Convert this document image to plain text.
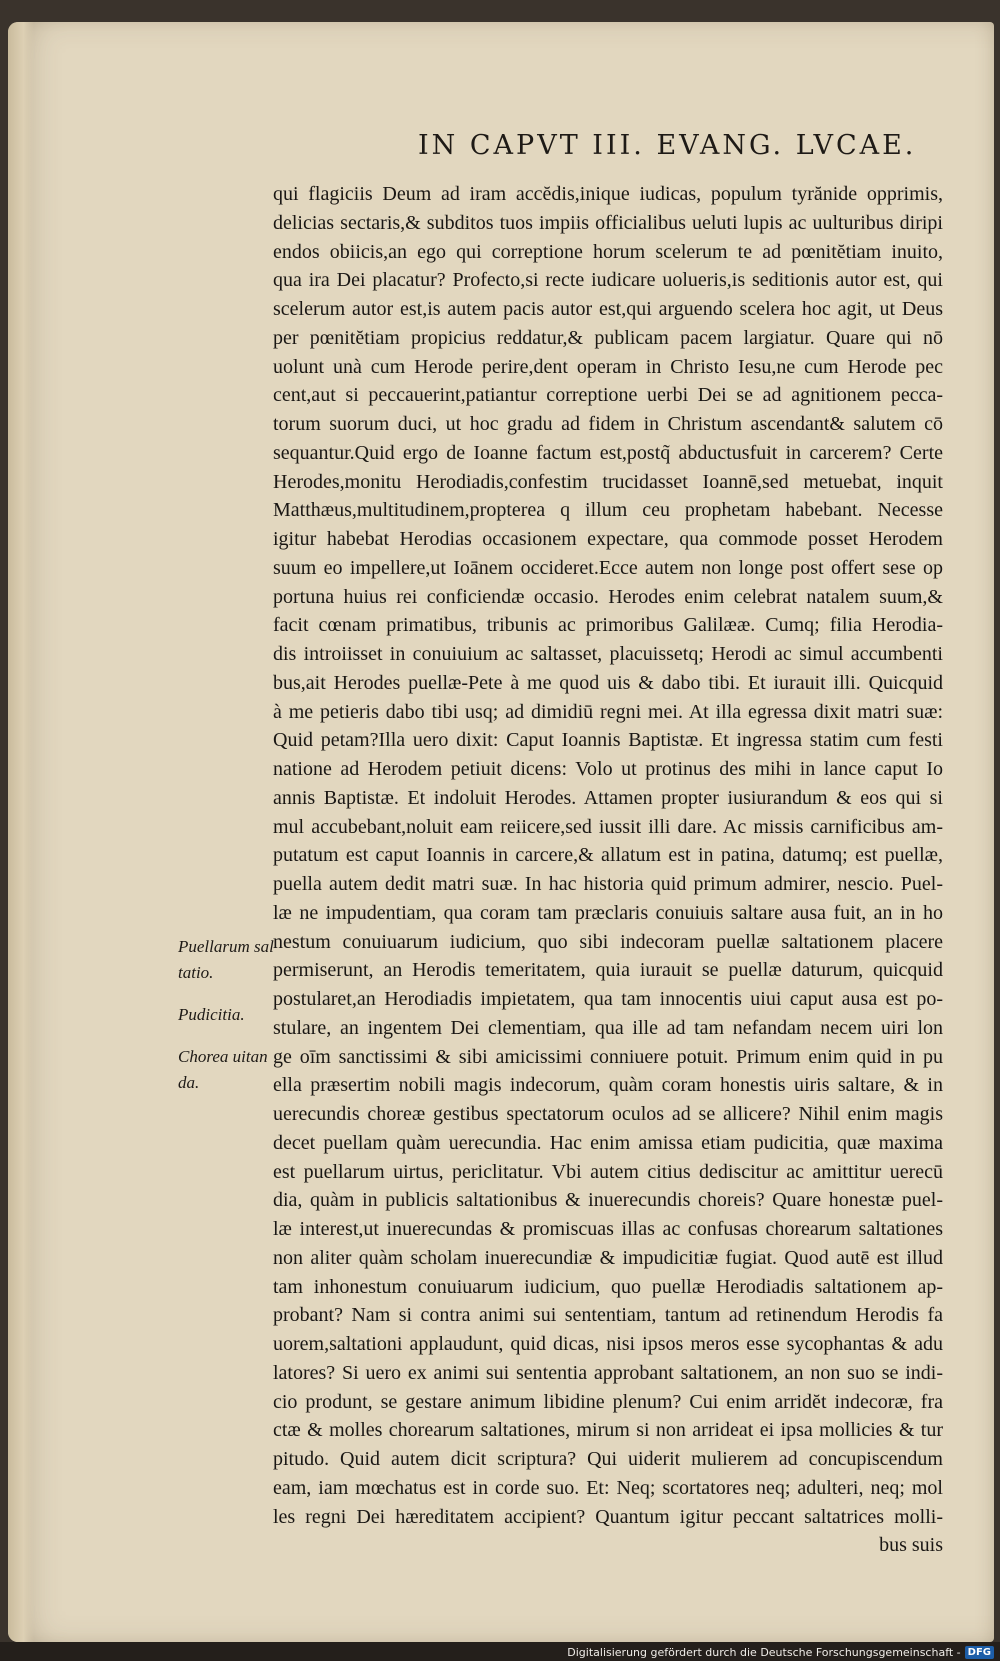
IN CAPVT III. EVANG. LVCAE.
qui flagiciis Deum ad iram accĕdis,inique iudicas, populum tyrănide opprimis,
delicias sectaris,& subditos tuos impiis officialibus ueluti lupis ac uulturibus diripi
endos obiicis,an ego qui correptione horum scelerum te ad pœnitĕtiam inuito,
qua ira Dei placatur? Profecto,si recte iudicare uolueris,is seditionis autor est, qui
scelerum autor est,is autem pacis autor est,qui arguendo scelera hoc agit, ut Deus
per pœnitĕtiam propicius reddatur,& publicam pacem largiatur. Quare qui nō
uolunt unà cum Herode perire,dent operam in Christo Iesu,ne cum Herode pec
cent,aut si peccauerint,patiantur correptione uerbi Dei se ad agnitionem pecca-
torum suorum duci, ut hoc gradu ad fidem in Christum ascendant& salutem cō
sequantur.Quid ergo de Ioanne factum est,postq̃ abductusfuit in carcerem? Certe
Herodes,monitu Herodiadis,confestim trucidasset Ioannē,sed metuebat, inquit
Matthæus,multitudinem,propterea q illum ceu prophetam habebant. Necesse
igitur habebat Herodias occasionem expectare, qua commode posset Herodem
suum eo impellere,ut Ioānem occideret.Ecce autem non longe post offert sese op
portuna huius rei conficiendæ occasio. Herodes enim celebrat natalem suum,&
facit cœnam primatibus, tribunis ac primoribus Galilææ. Cumq; filia Herodia-
dis introiisset in conuiuium ac saltasset, placuissetq; Herodi ac simul accumbenti
bus,ait Herodes puellæ-Pete à me quod uis & dabo tibi. Et iurauit illi. Quicquid
à me petieris dabo tibi usq; ad dimidiū regni mei. At illa egressa dixit matri suæ:
Quid petam?Illa uero dixit: Caput Ioannis Baptistæ. Et ingressa statim cum festi
natione ad Herodem petiuit dicens: Volo ut protinus des mihi in lance caput Io
annis Baptistæ. Et indoluit Herodes. Attamen propter iusiurandum & eos qui si
mul accubebant,noluit eam reiicere,sed iussit illi dare. Ac missis carnificibus am-
putatum est caput Ioannis in carcere,& allatum est in patina, datumq; est puellæ,
puella autem dedit matri suæ. In hac historia quid primum admirer, nescio. Puel-
læ ne impudentiam, qua coram tam præclaris conuiuis saltare ausa fuit, an in ho
nestum conuiuarum iudicium, quo sibi indecoram puellæ saltationem placere
permiserunt, an Herodis temeritatem, quia iurauit se puellæ daturum, quicquid
postularet,an Herodiadis impietatem, qua tam innocentis uiui caput ausa est po-
stulare, an ingentem Dei clementiam, qua ille ad tam nefandam necem uiri lon
ge oīm sanctissimi & sibi amicissimi conniuere potuit. Primum enim quid in pu
ella præsertim nobili magis indecorum, quàm coram honestis uiris saltare, & in
uerecundis choreæ gestibus spectatorum oculos ad se allicere? Nihil enim magis
decet puellam quàm uerecundia. Hac enim amissa etiam pudicitia, quæ maxima
est puellarum uirtus, periclitatur. Vbi autem citius dediscitur ac amittitur uerecū
dia, quàm in publicis saltationibus & inuerecundis choreis? Quare honestæ puel-
læ interest,ut inuerecundas & promiscuas illas ac confusas chorearum saltationes
non aliter quàm scholam inuerecundiæ & impudicitiæ fugiat. Quod autē est illud
tam inhonestum conuiuarum iudicium, quo puellæ Herodiadis saltationem ap-
probant? Nam si contra animi sui sententiam, tantum ad retinendum Herodis fa
uorem,saltationi applaudunt, quid dicas, nisi ipsos meros esse sycophantas & adu
latores? Si uero ex animi sui sententia approbant saltationem, an non suo se indi-
cio produnt, se gestare animum libidine plenum? Cui enim arridĕt indecoræ, fra
ctæ & molles chorearum saltationes, mirum si non arrideat ei ipsa mollicies & tur
pitudo. Quid autem dicit scriptura? Qui uiderit mulierem ad concupiscendum
eam, iam mœchatus est in corde suo. Et: Neq; scortatores neq; adulteri, neq; mol
les regni Dei hæreditatem accipient? Quantum igitur peccant saltatrices molli-
bus suis
Puellarum sal
tatio.
Pudicitia.
Chorea uitan
da.
Digitalisierung gefördert durch die Deutsche Forschungsgemeinschaft - DFG
